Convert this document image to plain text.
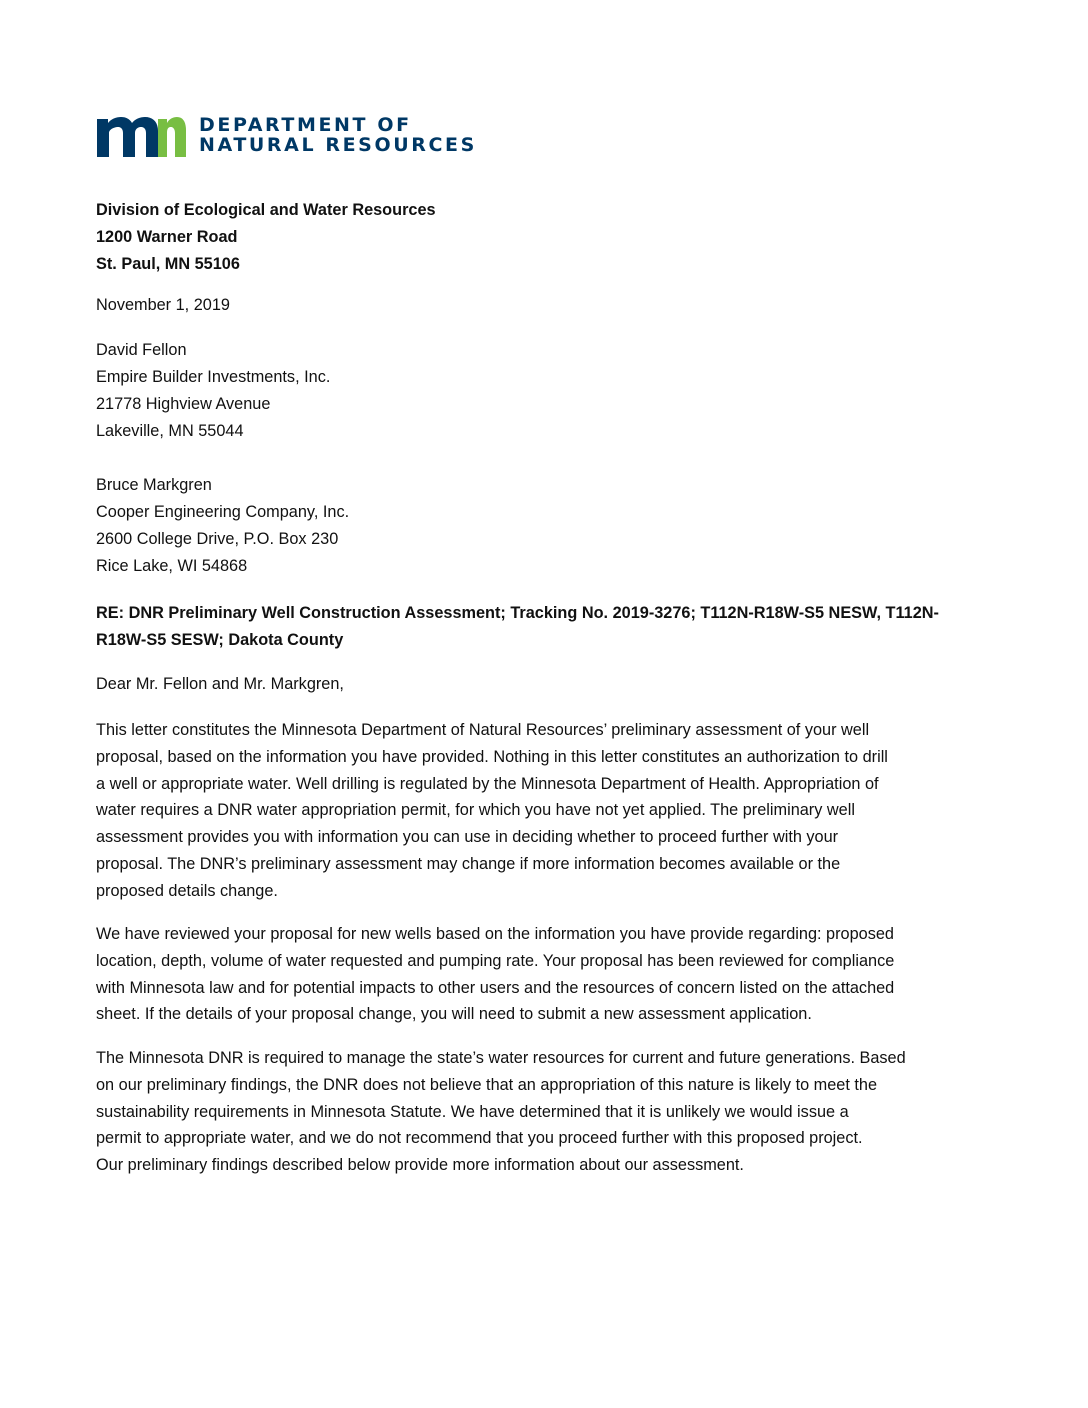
DEPARTMENT OF
NATURAL RESOURCES
Division of Ecological and Water Resources
1200 Warner Road
St. Paul, MN 55106
November 1, 2019
David Fellon
Empire Builder Investments, Inc.
21778 Highview Avenue
Lakeville, MN 55044
Bruce Markgren
Cooper Engineering Company, Inc.
2600 College Drive, P.O. Box 230
Rice Lake, WI 54868
RE: DNR Preliminary Well Construction Assessment; Tracking No. 2019-3276; T112N-R18W-S5 NESW, T112N-
R18W-S5 SESW; Dakota County
Dear Mr. Fellon and Mr. Markgren,
This letter constitutes the Minnesota Department of Natural Resources’ preliminary assessment of your well
proposal, based on the information you have provided. Nothing in this letter constitutes an authorization to drill
a well or appropriate water. Well drilling is regulated by the Minnesota Department of Health. Appropriation of
water requires a DNR water appropriation permit, for which you have not yet applied. The preliminary well
assessment provides you with information you can use in deciding whether to proceed further with your
proposal. The DNR’s preliminary assessment may change if more information becomes available or the
proposed details change.
We have reviewed your proposal for new wells based on the information you have provide regarding: proposed
location, depth, volume of water requested and pumping rate. Your proposal has been reviewed for compliance
with Minnesota law and for potential impacts to other users and the resources of concern listed on the attached
sheet. If the details of your proposal change, you will need to submit a new assessment application.
The Minnesota DNR is required to manage the state’s water resources for current and future generations. Based
on our preliminary findings, the DNR does not believe that an appropriation of this nature is likely to meet the
sustainability requirements in Minnesota Statute. We have determined that it is unlikely we would issue a
permit to appropriate water, and we do not recommend that you proceed further with this proposed project.
Our preliminary findings described below provide more information about our assessment.
